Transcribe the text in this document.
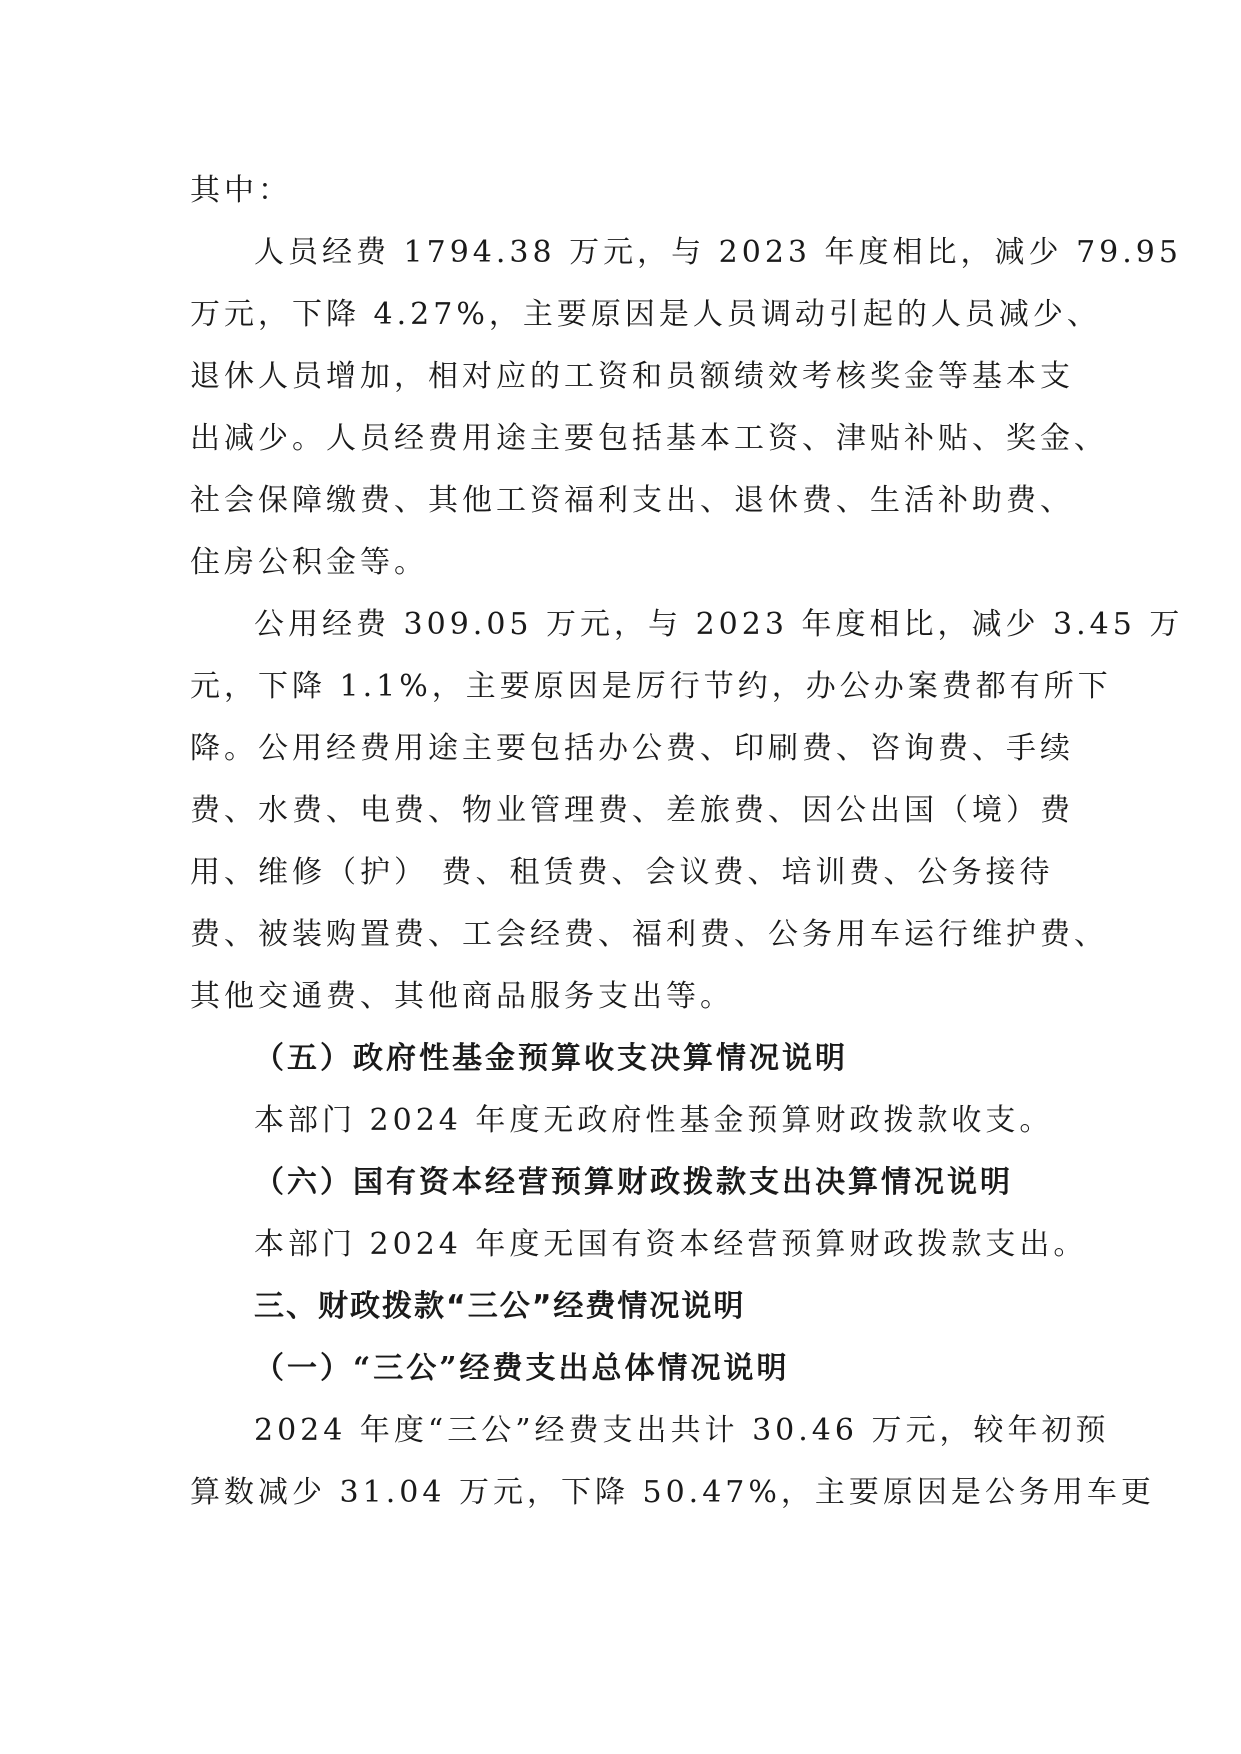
其中：
人员经费 1794.38 万元，与 2023 年度相比，减少 79.95
万元，下降 4.27%，主要原因是人员调动引起的人员减少、
退休人员增加，相对应的工资和员额绩效考核奖金等基本支
出减少。人员经费用途主要包括基本工资、津贴补贴、奖金、
社会保障缴费、其他工资福利支出、退休费、生活补助费、
住房公积金等。
公用经费 309.05 万元，与 2023 年度相比，减少 3.45 万
元，下降 1.1%，主要原因是厉行节约，办公办案费都有所下
降。公用经费用途主要包括办公费、印刷费、咨询费、手续
费、水费、电费、物业管理费、差旅费、因公出国（境）费
用、维修（护） 费、租赁费、会议费、培训费、公务接待
费、被装购置费、工会经费、福利费、公务用车运行维护费、
其他交通费、其他商品服务支出等。
（五）政府性基金预算收支决算情况说明
本部门 2024 年度无政府性基金预算财政拨款收支。
（六）国有资本经营预算财政拨款支出决算情况说明
本部门 2024 年度无国有资本经营预算财政拨款支出。
三、财政拨款“三公”经费情况说明
（一）“三公”经费支出总体情况说明
2024 年度“三公”经费支出共计 30.46 万元，较年初预
算数减少 31.04 万元，下降 50.47%，主要原因是公务用车更
